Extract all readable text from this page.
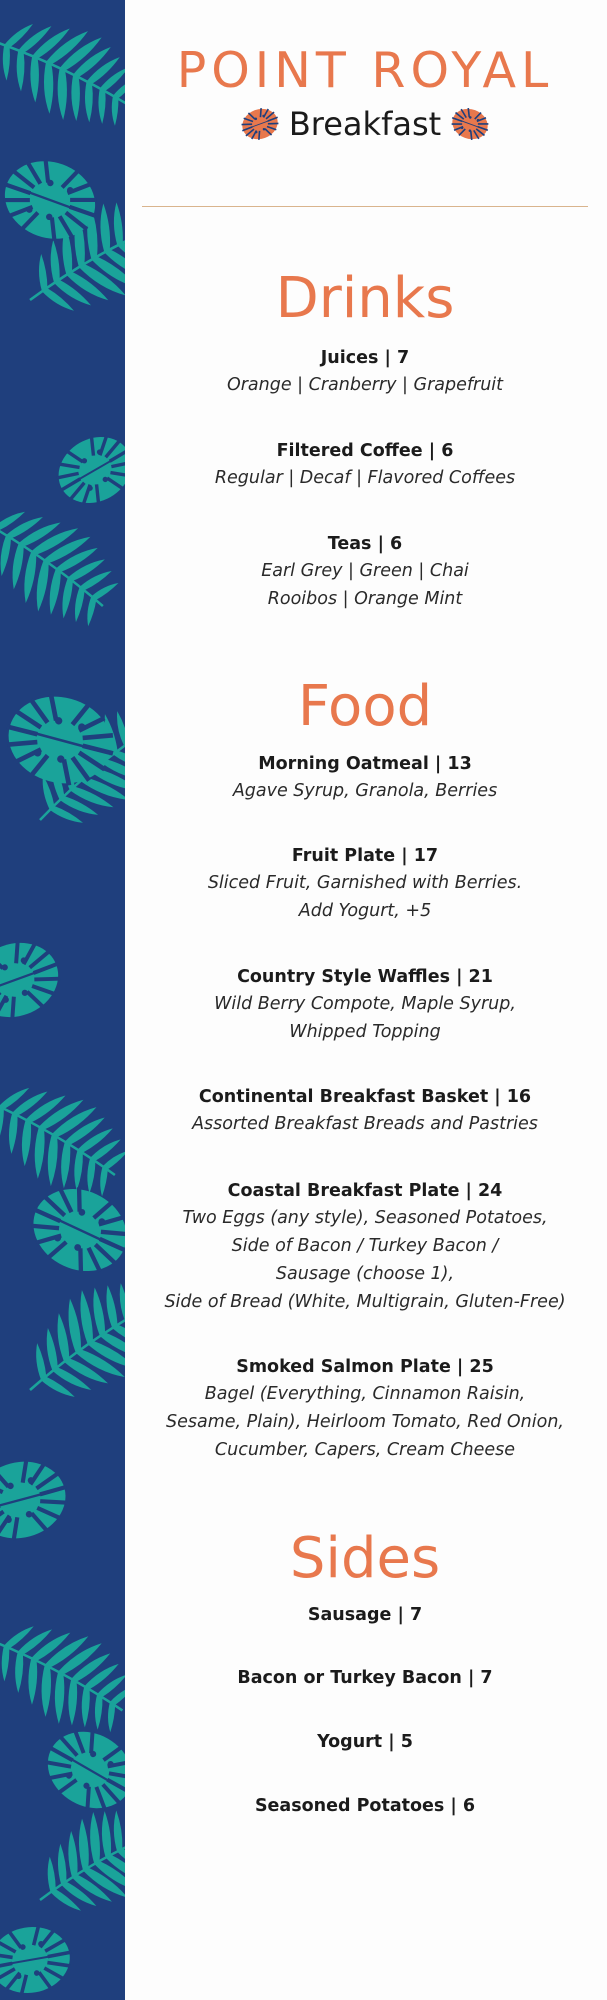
POINT ROYAL
Breakfast
Drinks
Juices | 7
Orange | Cranberry | Grapefruit
Filtered Coffee | 6
Regular | Decaf | Flavored Coffees
Teas | 6
Earl Grey | Green | Chai
Rooibos | Orange Mint
Food
Morning Oatmeal | 13
Agave Syrup, Granola, Berries
Fruit Plate | 17
Sliced Fruit, Garnished with Berries.
Add Yogurt, +5
Country Style Waffles | 21
Wild Berry Compote, Maple Syrup,
Whipped Topping
Continental Breakfast Basket | 16
Assorted Breakfast Breads and Pastries
Coastal Breakfast Plate | 24
Two Eggs (any style), Seasoned Potatoes,
Side of Bacon / Turkey Bacon /
Sausage (choose 1),
Side of Bread (White, Multigrain, Gluten-Free)
Smoked Salmon Plate | 25
Bagel (Everything, Cinnamon Raisin,
Sesame, Plain), Heirloom Tomato, Red Onion,
Cucumber, Capers, Cream Cheese
Sides
Sausage | 7
Bacon or Turkey Bacon | 7
Yogurt | 5
Seasoned Potatoes | 6
